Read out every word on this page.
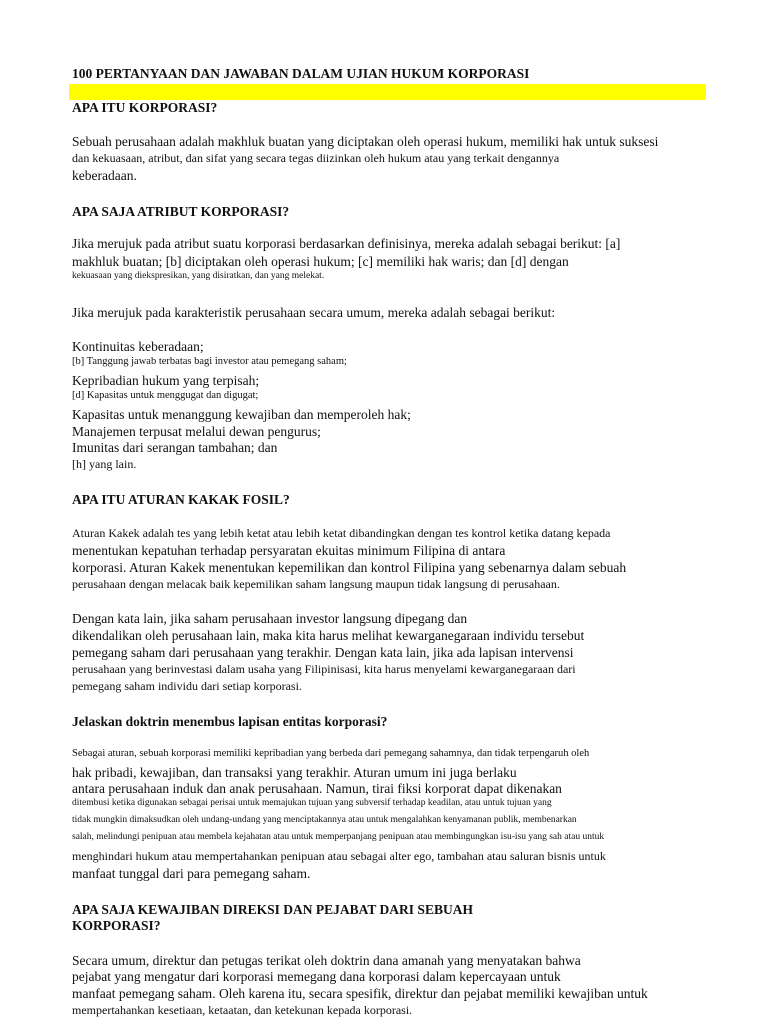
100 PERTANYAAN DAN JAWABAN DALAM UJIAN HUKUM KORPORASI
APA ITU KORPORASI?
Sebuah perusahaan adalah makhluk buatan yang diciptakan oleh operasi hukum, memiliki hak untuk suksesi
dan kekuasaan, atribut, dan sifat yang secara tegas diizinkan oleh hukum atau yang terkait dengannya
keberadaan.
APA SAJA ATRIBUT KORPORASI?
Jika merujuk pada atribut suatu korporasi berdasarkan definisinya, mereka adalah sebagai berikut: [a]
makhluk buatan; [b] diciptakan oleh operasi hukum; [c] memiliki hak waris; dan [d] dengan
kekuasaan yang diekspresikan, yang disiratkan, dan yang melekat.
Jika merujuk pada karakteristik perusahaan secara umum, mereka adalah sebagai berikut:
Kontinuitas keberadaan;
[b] Tanggung jawab terbatas bagi investor atau pemegang saham;
Kepribadian hukum yang terpisah;
[d] Kapasitas untuk menggugat dan digugat;
Kapasitas untuk menanggung kewajiban dan memperoleh hak;
Manajemen terpusat melalui dewan pengurus;
Imunitas dari serangan tambahan; dan
[h] yang lain.
APA ITU ATURAN KAKAK FOSIL?
Aturan Kakek adalah tes yang lebih ketat atau lebih ketat dibandingkan dengan tes kontrol ketika datang kepada
menentukan kepatuhan terhadap persyaratan ekuitas minimum Filipina di antara
korporasi. Aturan Kakek menentukan kepemilikan dan kontrol Filipina yang sebenarnya dalam sebuah
perusahaan dengan melacak baik kepemilikan saham langsung maupun tidak langsung di perusahaan.
Dengan kata lain, jika saham perusahaan investor langsung dipegang dan
dikendalikan oleh perusahaan lain, maka kita harus melihat kewarganegaraan individu tersebut
pemegang saham dari perusahaan yang terakhir. Dengan kata lain, jika ada lapisan intervensi
perusahaan yang berinvestasi dalam usaha yang Filipinisasi, kita harus menyelami kewarganegaraan dari
pemegang saham individu dari setiap korporasi.
Jelaskan doktrin menembus lapisan entitas korporasi?
Sebagai aturan, sebuah korporasi memiliki kepribadian yang berbeda dari pemegang sahamnya, dan tidak terpengaruh oleh
hak pribadi, kewajiban, dan transaksi yang terakhir. Aturan umum ini juga berlaku
antara perusahaan induk dan anak perusahaan. Namun, tirai fiksi korporat dapat dikenakan
ditembusi ketika digunakan sebagai perisai untuk memajukan tujuan yang subversif terhadap keadilan, atau untuk tujuan yang
tidak mungkin dimaksudkan oleh undang-undang yang menciptakannya atau untuk mengalahkan kenyamanan publik, membenarkan
salah, melindungi penipuan atau membela kejahatan atau untuk memperpanjang penipuan atau membingungkan isu-isu yang sah atau untuk
menghindari hukum atau mempertahankan penipuan atau sebagai alter ego, tambahan atau saluran bisnis untuk
manfaat tunggal dari para pemegang saham.
APA SAJA KEWAJIBAN DIREKSI DAN PEJABAT DARI SEBUAH
KORPORASI?
Secara umum, direktur dan petugas terikat oleh doktrin dana amanah yang menyatakan bahwa
pejabat yang mengatur dari korporasi memegang dana korporasi dalam kepercayaan untuk
manfaat pemegang saham. Oleh karena itu, secara spesifik, direktur dan pejabat memiliki kewajiban untuk
mempertahankan kesetiaan, ketaatan, dan ketekunan kepada korporasi.
